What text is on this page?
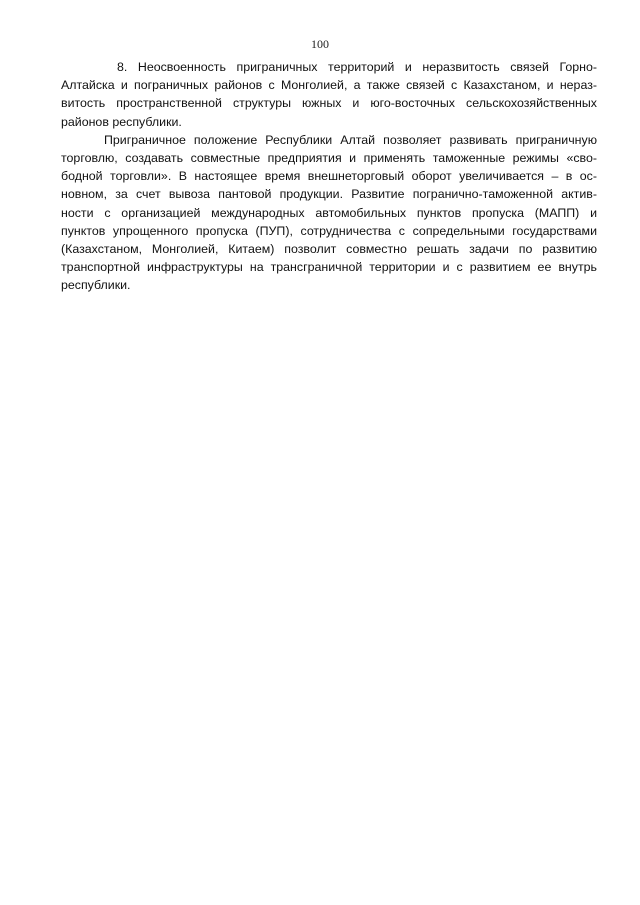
100
8. Неосвоенность приграничных территорий и неразвитость связей Горно-
Алтайска и пограничных районов с Монголией, а также связей с Казахстаном, и нераз-
витость пространственной структуры южных и юго-восточных сельскохозяйственных
районов республики.
Приграничное положение Республики Алтай позволяет развивать приграничную
торговлю, создавать совместные предприятия и применять таможенные режимы «сво-
бодной торговли». В настоящее время внешнеторговый оборот увеличивается – в ос-
новном, за счет вывоза пантовой продукции. Развитие погранично-таможенной актив-
ности с организацией международных автомобильных пунктов пропуска (МАПП) и
пунктов упрощенного пропуска (ПУП), сотрудничества с сопредельными государствами
(Казахстаном, Монголией, Китаем) позволит совместно решать задачи по развитию
транспортной инфраструктуры на трансграничной территории и с развитием ее внутрь
республики.
